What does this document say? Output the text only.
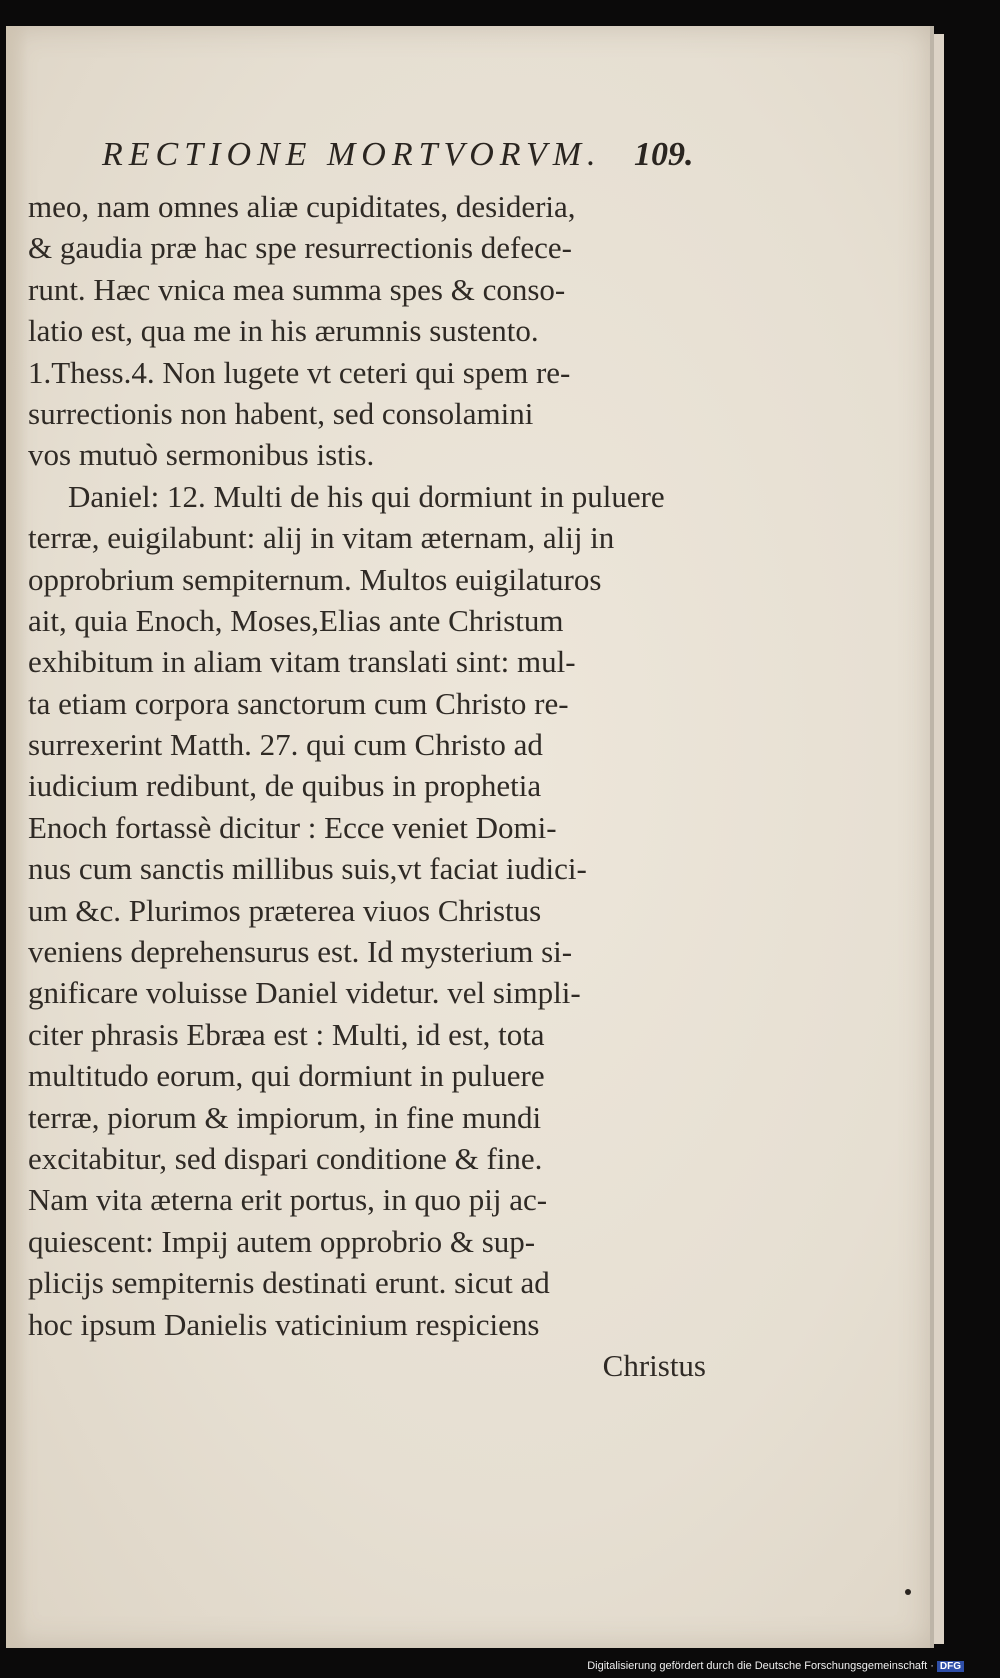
RECTIONE MORTVORVM. 109.
meo, nam omnes aliæ cupiditates, desideria,
& gaudia præ hac spe resurrectionis defece-
runt. Hæc vnica mea summa spes & conso-
latio est, qua me in his ærumnis sustento.
1.Thess.4. Non lugete vt ceteri qui spem re-
surrectionis non habent, sed consolamini
vos mutuò sermonibus istis.
Daniel: 12. Multi de his qui dormiunt in puluere
terræ, euigilabunt: alij in vitam æternam, alij in
opprobrium sempiternum. Multos euigilaturos
ait, quia Enoch, Moses,Elias ante Christum
exhibitum in aliam vitam translati sint: mul-
ta etiam corpora sanctorum cum Christo re-
surrexerint Matth. 27. qui cum Christo ad
iudicium redibunt, de quibus in prophetia
Enoch fortassè dicitur : Ecce veniet Domi-
nus cum sanctis millibus suis,vt faciat iudici-
um &c. Plurimos præterea viuos Christus
veniens deprehensurus est. Id mysterium si-
gnificare voluisse Daniel videtur. vel simpli-
citer phrasis Ebræa est : Multi, id est, tota
multitudo eorum, qui dormiunt in puluere
terræ, piorum & impiorum, in fine mundi
excitabitur, sed dispari conditione & fine.
Nam vita æterna erit portus, in quo pij ac-
quiescent: Impij autem opprobrio & sup-
plicijs sempiternis destinati erunt. sicut ad
hoc ipsum Danielis vaticinium respiciens
Christus
Digitalisierung gefördert durch die Deutsche Forschungsgemeinschaft · DFG
